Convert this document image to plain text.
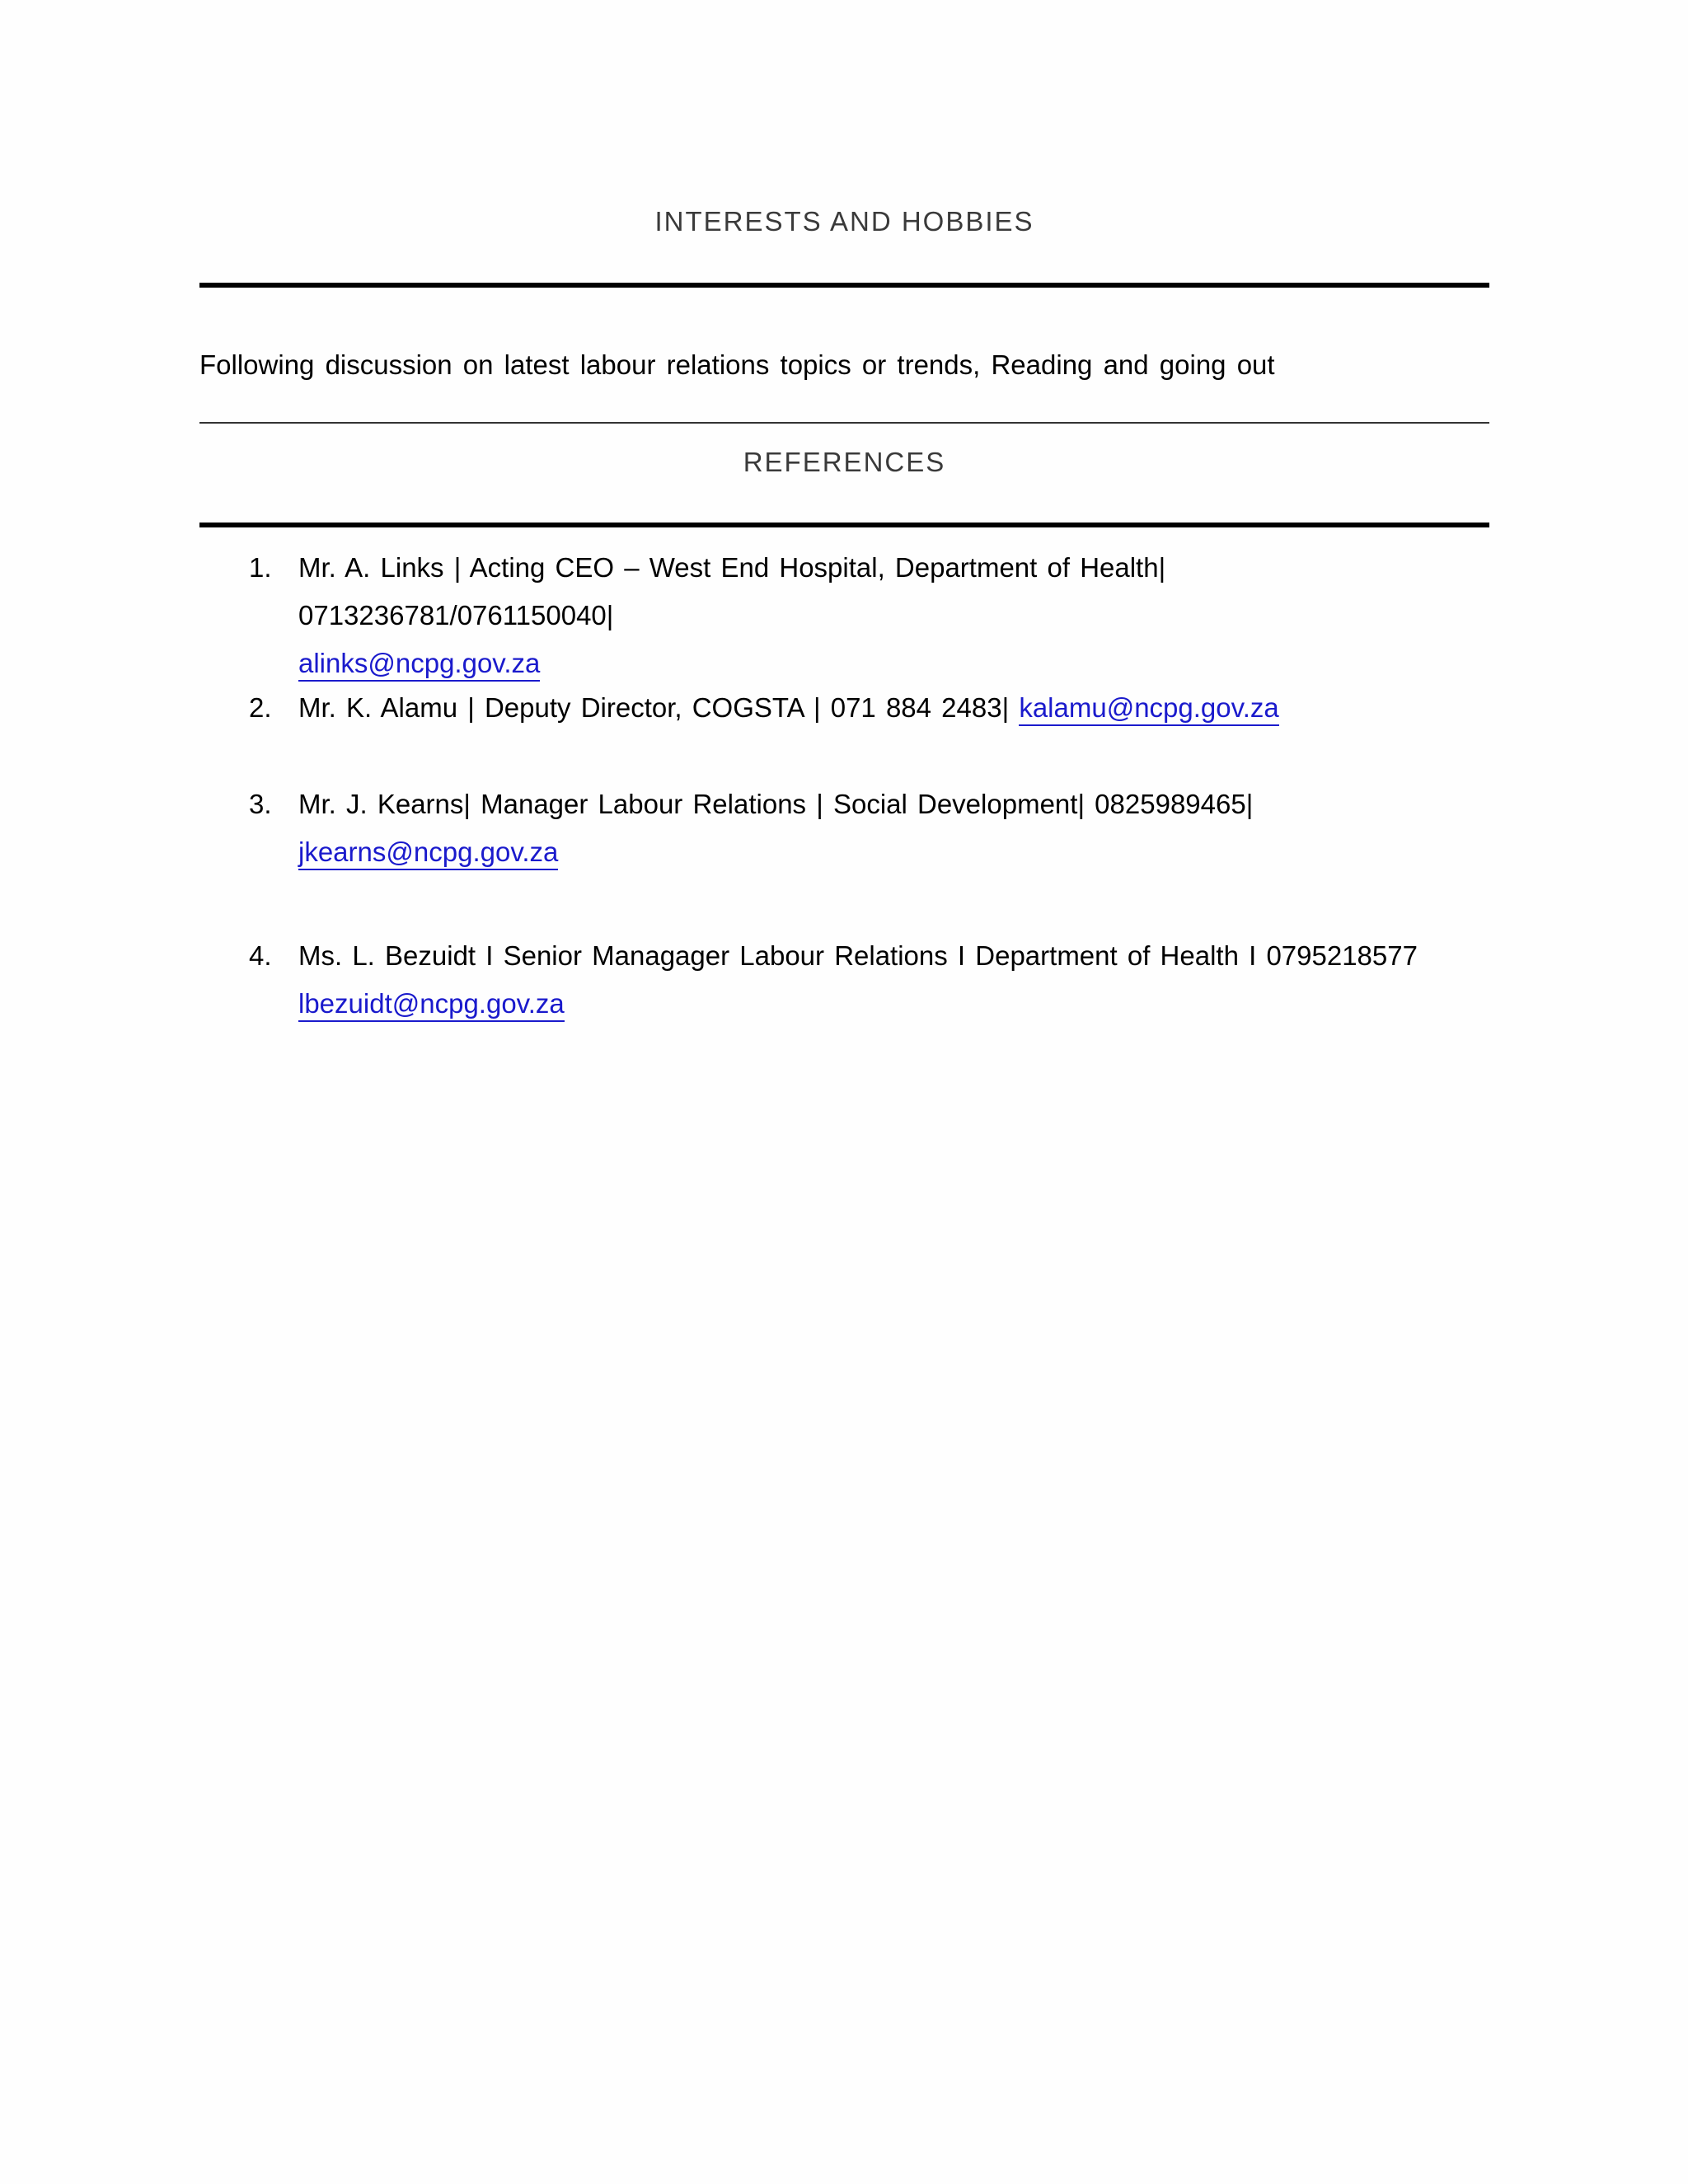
INTERESTS AND HOBBIES
Following discussion on latest labour relations topics or trends, Reading and going out
REFERENCES
1. Mr. A. Links | Acting CEO – West End Hospital, Department of Health| 0713236781/0761150040|
alinks@ncpg.gov.za
2. Mr. K. Alamu | Deputy Director, COGSTA | 071 884 2483| kalamu@ncpg.gov.za
3. Mr. J. Kearns| Manager Labour Relations | Social Development| 0825989465|
jkearns@ncpg.gov.za
4. Ms. L. Bezuidt I Senior Managager Labour Relations I Department of Health I 0795218577
lbezuidt@ncpg.gov.za
